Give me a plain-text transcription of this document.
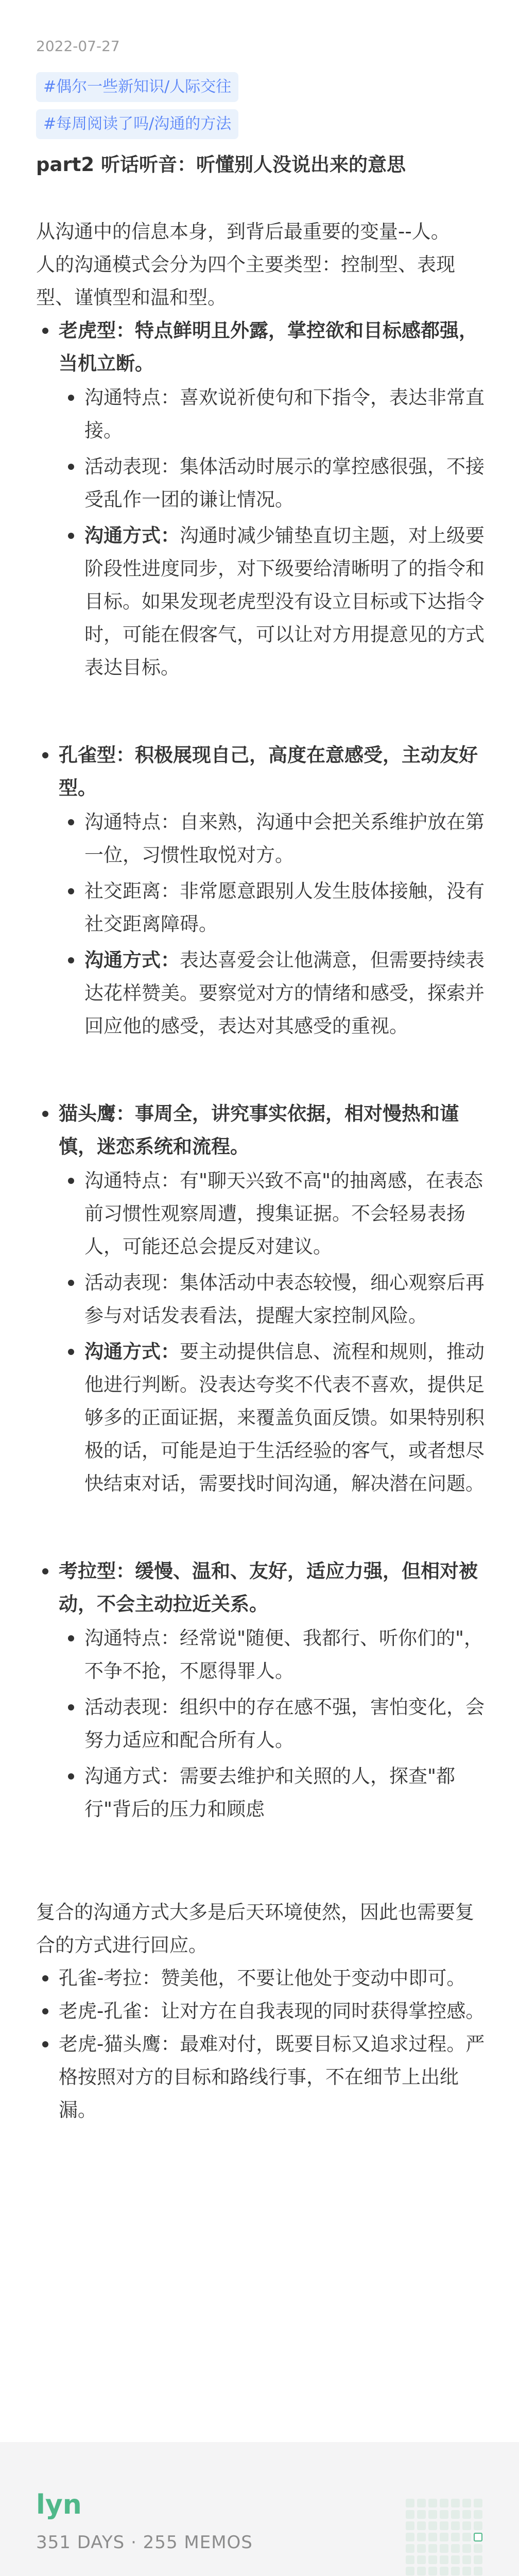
2022-07-27
#偶尔一些新知识/人际交往
#每周阅读了吗/沟通的方法
part2 听话听音：听懂别人没说出来的意思

从沟通中的信息本身，到背后最重要的变量--人。

人的沟通模式会分为四个主要类型：控制型、表现型、谨慎型和温和型。

老虎型：特点鲜明且外露，掌控欲和目标感都强，当机立断。
沟通特点：喜欢说祈使句和下指令，表达非常直接。
活动表现：集体活动时展示的掌控感很强，不接受乱作一团的谦让情况。
沟通方式：沟通时减少铺垫直切主题，对上级要阶段性进度同步，对下级要给清晰明了的指令和目标。如果发现老虎型没有设立目标或下达指令时，可能在假客气，可以让对方用提意见的方式表达目标。
孔雀型：积极展现自己，高度在意感受，主动友好型。
沟通特点：自来熟，沟通中会把关系维护放在第一位，习惯性取悦对方。
社交距离：非常愿意跟别人发生肢体接触，没有社交距离障碍。
沟通方式：表达喜爱会让他满意，但需要持续表达花样赞美。要察觉对方的情绪和感受，探索并回应他的感受，表达对其感受的重视。
猫头鹰：事周全，讲究事实依据，相对慢热和谨慎，迷恋系统和流程。
沟通特点：有"聊天兴致不高"的抽离感，在表态前习惯性观察周遭，搜集证据。不会轻易表扬人，可能还总会提反对建议。
活动表现：集体活动中表态较慢，细心观察后再参与对话发表看法，提醒大家控制风险。
沟通方式：要主动提供信息、流程和规则，推动他进行判断。没表达夸奖不代表不喜欢，提供足够多的正面证据，来覆盖负面反馈。如果特别积极的话，可能是迫于生活经验的客气，或者想尽快结束对话，需要找时间沟通，解决潜在问题。
考拉型：缓慢、温和、友好，适应力强，但相对被动，不会主动拉近关系。
沟通特点：经常说"随便、我都行、听你们的"，不争不抢，不愿得罪人。
活动表现：组织中的存在感不强，害怕变化，会努力适应和配合所有人。
沟通方式：需要去维护和关照的人，探查"都行"背后的压力和顾虑

复合的沟通方式大多是后天环境使然，因此也需要复合的方式进行回应。

孔雀-考拉：赞美他，不要让他处于变动中即可。
老虎-孔雀：让对方在自我表现的同时获得掌控感。
老虎-猫头鹰：最难对付，既要目标又追求过程。严格按照对方的目标和路线行事，不在细节上出纰漏。
lyn
351 DAYS · 255 MEMOS
